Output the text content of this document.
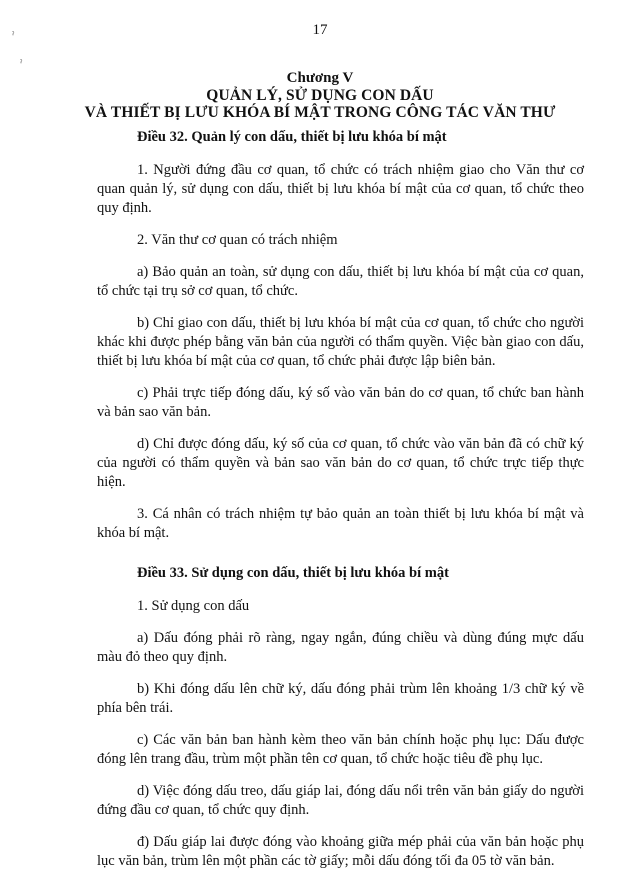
17
ˀ
ˀ
Chương V
QUẢN LÝ, SỬ DỤNG CON DẤU
VÀ THIẾT BỊ LƯU KHÓA BÍ MẬT TRONG CÔNG TÁC VĂN THƯ
Điều 32. Quản lý con dấu, thiết bị lưu khóa bí mật

1. Người đứng đầu cơ quan, tổ chức có trách nhiệm giao cho Văn thư cơ quan quản lý, sử dụng con dấu, thiết bị lưu khóa bí mật của cơ quan, tổ chức theo quy định.

2. Văn thư cơ quan có trách nhiệm

a) Bảo quản an toàn, sử dụng con dấu, thiết bị lưu khóa bí mật của cơ quan, tổ chức tại trụ sở cơ quan, tổ chức.

b) Chỉ giao con dấu, thiết bị lưu khóa bí mật của cơ quan, tổ chức cho người khác khi được phép bằng văn bản của người có thẩm quyền. Việc bàn giao con dấu, thiết bị lưu khóa bí mật của cơ quan, tổ chức phải được lập biên bản.

c) Phải trực tiếp đóng dấu, ký số vào văn bản do cơ quan, tổ chức ban hành và bản sao văn bản.

d) Chỉ được đóng dấu, ký số của cơ quan, tổ chức vào văn bản đã có chữ ký của người có thẩm quyền và bản sao văn bản do cơ quan, tổ chức trực tiếp thực hiện.

3. Cá nhân có trách nhiệm tự bảo quản an toàn thiết bị lưu khóa bí mật và khóa bí mật.

Điều 33. Sử dụng con dấu, thiết bị lưu khóa bí mật

1. Sử dụng con dấu

a) Dấu đóng phải rõ ràng, ngay ngắn, đúng chiều và dùng đúng mực dấu màu đỏ theo quy định.

b) Khi đóng dấu lên chữ ký, dấu đóng phải trùm lên khoảng 1/3 chữ ký về phía bên trái.

c) Các văn bản ban hành kèm theo văn bản chính hoặc phụ lục: Dấu được đóng lên trang đầu, trùm một phần tên cơ quan, tổ chức hoặc tiêu đề phụ lục.

d) Việc đóng dấu treo, dấu giáp lai, đóng dấu nổi trên văn bản giấy do người đứng đầu cơ quan, tổ chức quy định.

đ) Dấu giáp lai được đóng vào khoảng giữa mép phải của văn bản hoặc phụ lục văn bản, trùm lên một phần các tờ giấy; mỗi dấu đóng tối đa 05 tờ văn bản.
